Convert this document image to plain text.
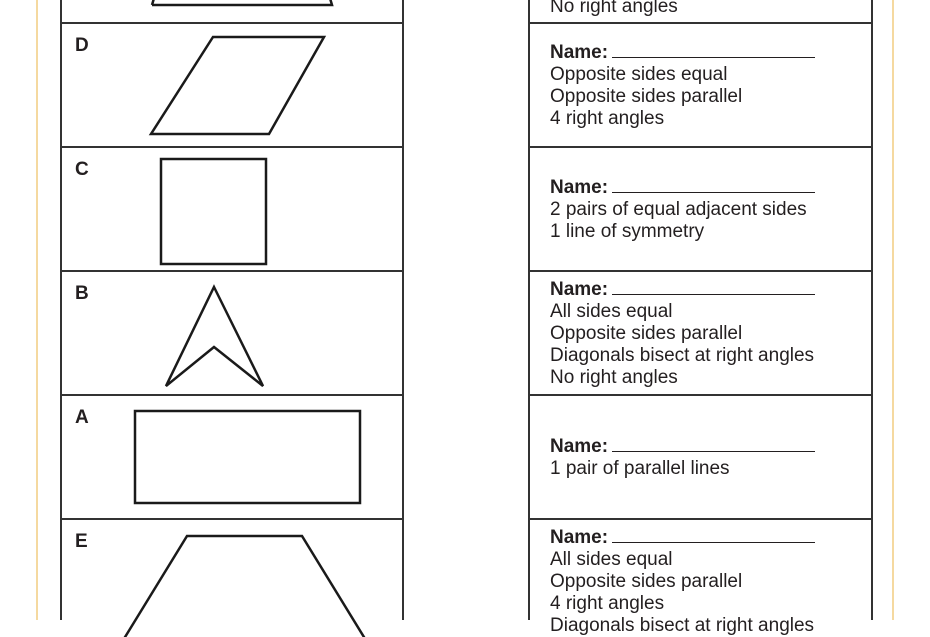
D
C
B
A
E
No right angles
Name:
Opposite sides equal
Opposite sides parallel
4 right angles
Name:
2 pairs of equal adjacent sides
1 line of symmetry
Name:
All sides equal
Opposite sides parallel
Diagonals bisect at right angles
No right angles
Name:
1 pair of parallel lines
Name:
All sides equal
Opposite sides parallel
4 right angles
Diagonals bisect at right angles
